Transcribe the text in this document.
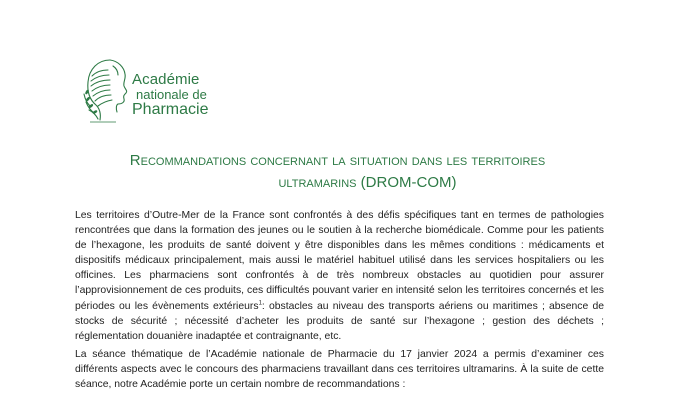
Académie
nationale de
Pharmacie
Recommandations concernant la situation dans les territoires
ultramarins (DROM-COM)
Les territoires d’Outre-Mer de la France sont confrontés à des défis spécifiques tant en termes de pathologies rencontrées que dans la formation des jeunes ou le soutien à la recherche biomédicale. Comme pour les patients de l’hexagone, les produits de santé doivent y être disponibles dans les mêmes conditions : médicaments et dispositifs médicaux principalement, mais aussi le matériel habituel utilisé dans les services hospitaliers ou les officines. Les pharmaciens sont confrontés à de très nombreux obstacles au quotidien pour assurer l’approvisionnement de ces produits, ces difficultés pouvant varier en intensité selon les territoires concernés et les périodes ou les évènements extérieurs$^1$: obstacles au niveau des transports aériens ou maritimes ; absence de stocks de sécurité ; nécessité d’acheter les produits de santé sur l’hexagone ; gestion des déchets ; réglementation douanière inadaptée et contraignante, etc.
La séance thématique de l’Académie nationale de Pharmacie du 17 janvier 2024 a permis d’examiner ces différents aspects avec le concours des pharmaciens travaillant dans ces territoires ultramarins. À la suite de cette séance, notre Académie porte un certain nombre de recommandations :
